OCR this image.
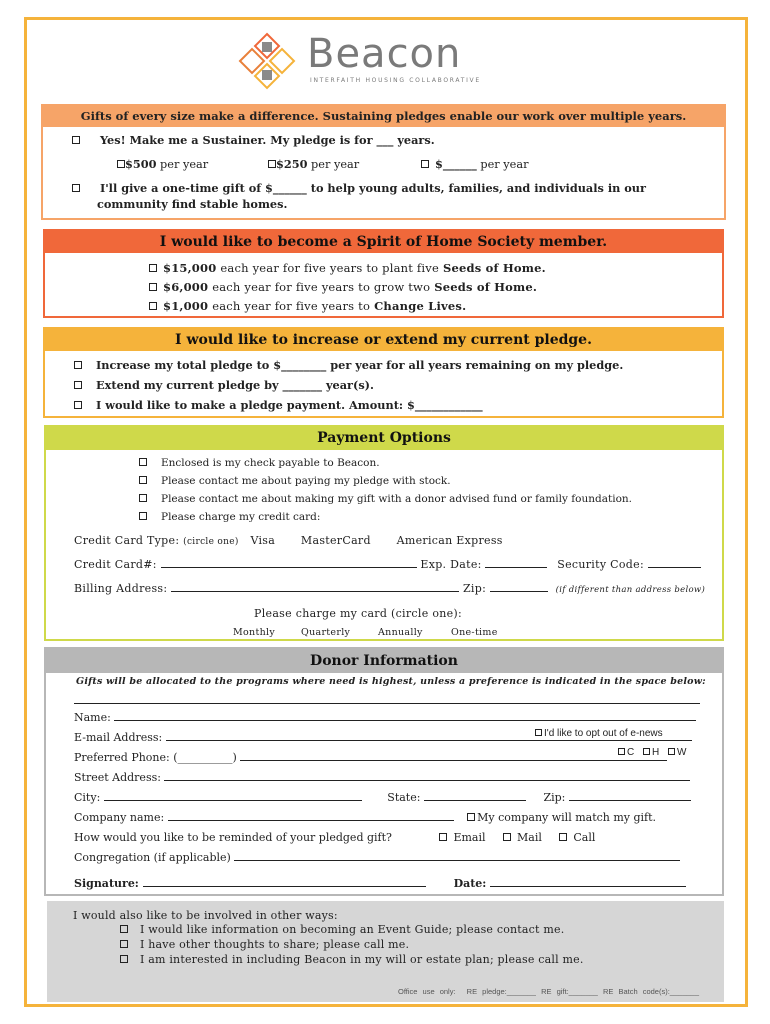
Beacon
INTERFAITH HOUSING COLLABORATIVE
Gifts of every size make a difference. Sustaining pledges enable our work over multiple years.
Yes! Make me a Sustainer. My pledge is for ___ years.
$500 per year	$250 per year	$______ per year
I'll give a one-time gift of $______ to help young adults, families, and individuals in our
community find stable homes.
I would like to become a Spirit of Home Society member.
$15,000 each year for five years to plant five Seeds of Home.
$6,000 each year for five years to grow two Seeds of Home.
$1,000 each year for five years to Change Lives.
I would like to increase or extend my current pledge.
Increase my total pledge to $________ per year for all years remaining on my pledge.
Extend my current pledge by _______ year(s).
I would like to make a pledge payment. Amount: $____________
Payment Options
Enclosed is my check payable to Beacon.
Please contact me about paying my pledge with stock.
Please contact me about making my gift with a donor advised fund or family foundation.
Please charge my credit card:
Credit Card Type: (circle one) Visa MasterCard American Express
Credit Card#:	Exp. Date:	Security Code:
Billing Address:	Zip:	(if different than address below)
Please charge my card (circle one):
Monthly	Quarterly	Annually	One-time
Donor Information
Gifts will be allocated to the programs where need is highest, unless a preference is indicated in the space below:
Name:
E-mail Address:	I'd like to opt out of e-news
C H W
Preferred Phone: (__________)
Street Address:
City:	State:	Zip:
Company name:	My company will match my gift.
How would you like to be reminded of your pledged gift?	Email	Mail	Call
Congregation (if applicable)
Signature:	Date:
I would also like to be involved in other ways:
I would like information on becoming an Event Guide; please contact me.
I have other thoughts to share; please call me.
I am interested in including Beacon in my will or estate plan; please call me.
Office use only: RE pledge:_______ RE gift:_______ RE Batch code(s):_______
